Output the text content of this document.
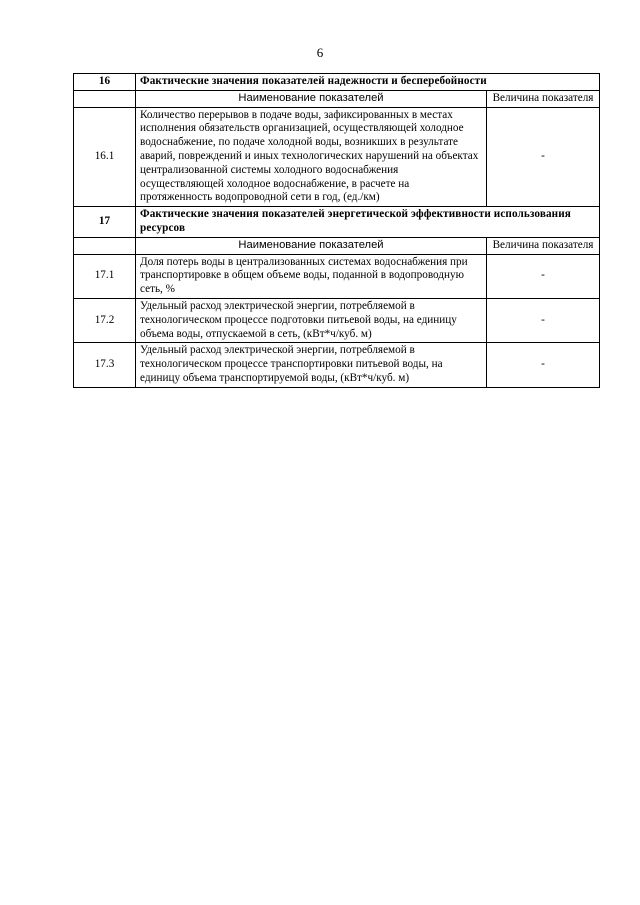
6
16	Фактические значения показателей надежности и бесперебойности	
	Наименование показателей	Величина показателя
16.1	Количество перерывов в подаче воды, зафиксированных в местах исполнения обязательств организацией, осуществляющей холодное водоснабжение, по подаче холодной воды, возникших в результате аварий, повреждений и иных технологических нарушений на объектах централизованной системы холодного водоснабжения осуществляющей холодное водоснабжение, в расчете на протяженность водопроводной сети в год, (ед./км)	-
17	Фактические значения показателей энергетической эффективности использования ресурсов	
	Наименование показателей	Величина показателя
17.1	Доля потерь воды в централизованных системах водоснабжения при транспортировке в общем объеме воды, поданной в водопроводную сеть, %	-
17.2	Удельный расход электрической энергии, потребляемой в технологическом процессе подготовки питьевой воды, на единицу объема воды, отпускаемой в сеть, (кВт*ч/куб. м)	-
17.3	Удельный расход электрической энергии, потребляемой в технологическом процессе транспортировки питьевой воды, на единицу объема транспортируемой воды, (кВт*ч/куб. м)	-
